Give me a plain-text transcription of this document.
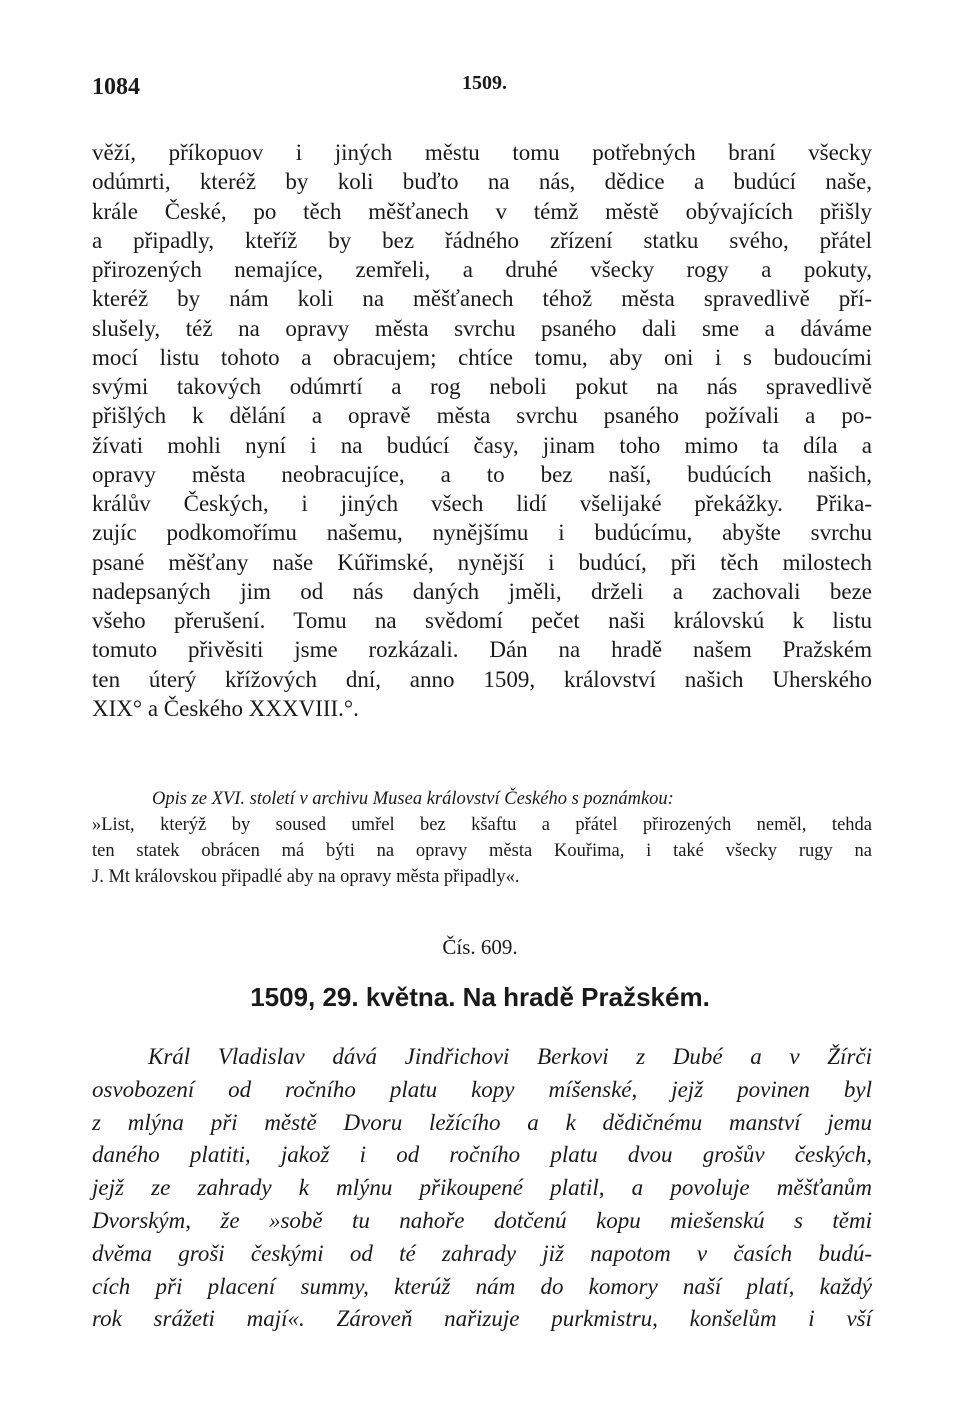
1084	1509.
věží, příkopuov i jiných městu tomu potřebných braní všecky
odúmrti, kteréž by koli buďto na nás, dědice a budúcí naše,
krále České, po těch měšťanech v témž městě obývajících přišly
a připadly, kteříž by bez řádného zřízení statku svého, přátel
přirozených nemajíce, zemřeli, a druhé všecky rogy a pokuty,
kteréž by nám koli na měšťanech téhož města spravedlivě pří-
slušely, též na opravy města svrchu psaného dali sme a dáváme
mocí listu tohoto a obracujem; chtíce tomu, aby oni i s budoucími
svými takových odúmrtí a rog neboli pokut na nás spravedlivě
přišlých k dělání a opravě města svrchu psaného požívali a po-
žívati mohli nyní i na budúcí časy, jinam toho mimo ta díla a
opravy města neobracujíce, a to bez naší, budúcích našich,
králův Českých, i jiných všech lidí všelijaké překážky. Přika-
zujíc podkomořímu našemu, nynějšímu i budúcímu, abyšte svrchu
psané měšťany naše Kúřimské, nynější i budúcí, při těch milostech
nadepsaných jim od nás daných jměli, drželi a zachovali beze
všeho přerušení. Tomu na svědomí pečet naši královskú k listu
tomuto přivěsiti jsme rozkázali. Dán na hradě našem Pražském
ten úterý křížových dní, anno 1509, království našich Uherského
XIX° a Českého XXXVIII.°.
Opis ze XVI. století v archivu Musea království Českého s poznámkou:
»List, kterýž by soused umřel bez kšaftu a přátel přirozených neměl, tehda
ten statek obrácen má býti na opravy města Kouřima, i také všecky rugy na
J. Mt královskou připadlé aby na opravy města připadly«.
Čís. 609.
1509, 29. května. Na hradě Pražském.
Král Vladislav dává Jindřichovi Berkovi z Dubé a v Žírči
osvobození od ročního platu kopy míšenské, jejž povinen byl
z mlýna při městě Dvoru ležícího a k dědičnému manství jemu
daného platiti, jakož i od ročního platu dvou grošův českých,
jejž ze zahrady k mlýnu přikoupené platil, a povoluje měšťanům
Dvorským, že »sobě tu nahoře dotčenú kopu miešenskú s těmi
dvěma groši českými od té zahrady již napotom v časích budú-
cích při placení summy, kterúž nám do komory naší platí, každý
rok srážeti mají«. Zároveň nařizuje purkmistru, konšelům i vší
